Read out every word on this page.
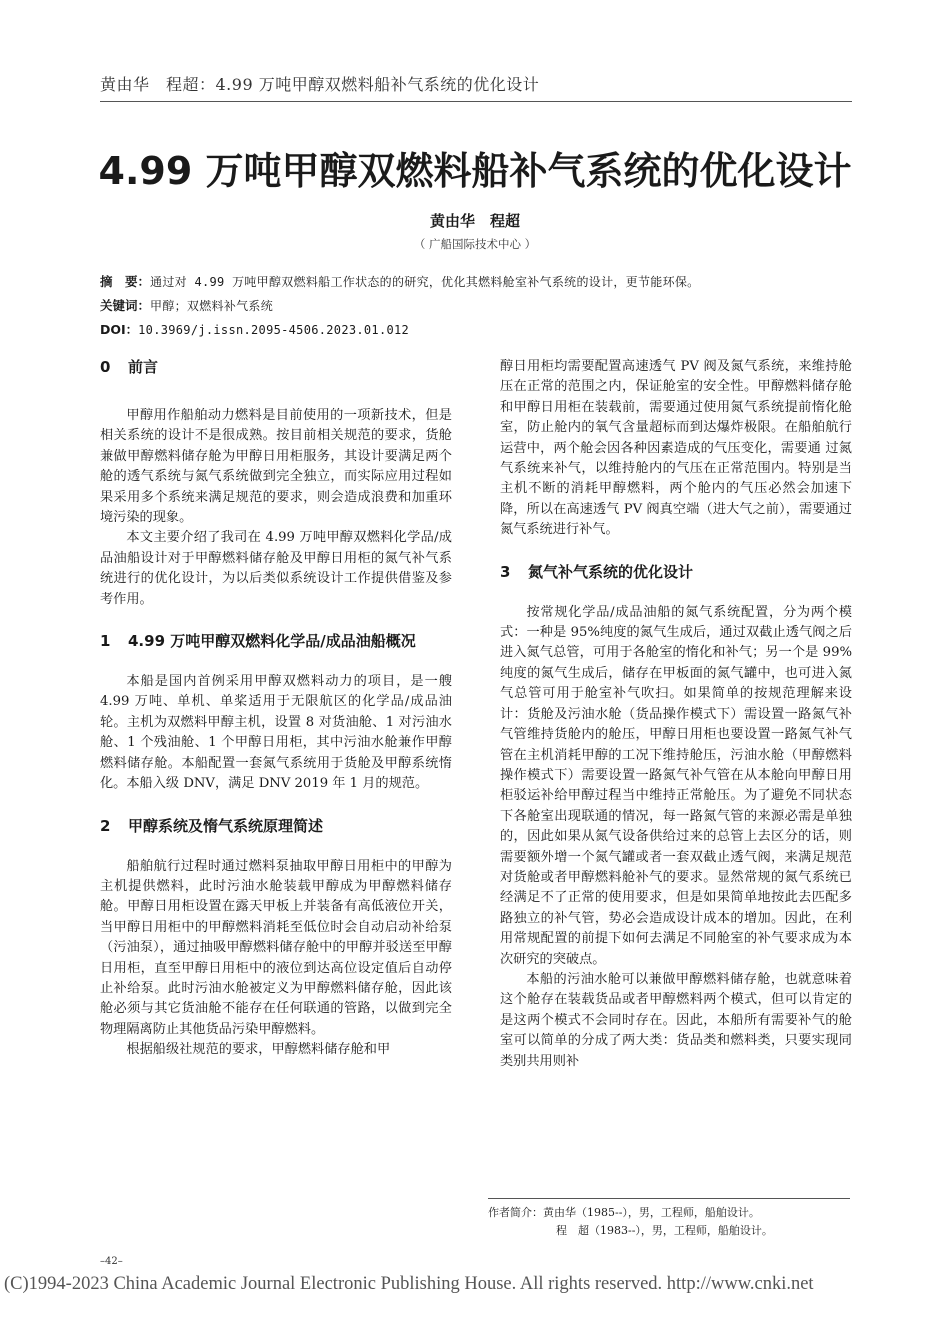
黄由华　程超：4.99 万吨甲醇双燃料船补气系统的优化设计
4.99 万吨甲醇双燃料船补气系统的优化设计
黄由华　程超
（ 广船国际技术中心 ）
摘　要：通过对 4.99 万吨甲醇双燃料船工作状态的的研究，优化其燃料舱室补气系统的设计，更节能环保。
关键词：甲醇；双燃料补气系统
DOI：10.3969/j.issn.2095-4506.2023.01.012
0 前言

甲醇用作船舶动力燃料是目前使用的一项新技术，但是相关系统的设计不是很成熟。按目前相关规范的要求，货舱兼做甲醇燃料储存舱为甲醇日用柜服务，其设计要满足两个舱的透气系统与氮气系统做到完全独立，而实际应用过程如果采用多个系统来满足规范的要求，则会造成浪费和加重环境污染的现象。

本文主要介绍了我司在 4.99 万吨甲醇双燃料化学品/成品油船设计对于甲醇燃料储存舱及甲醇日用柜的氮气补气系统进行的优化设计，为以后类似系统设计工作提供借鉴及参考作用。

1 4.99 万吨甲醇双燃料化学品/成品油船概况

本船是国内首例采用甲醇双燃料动力的项目，是一艘 4.99 万吨、单机、单桨适用于无限航区的化学品/成品油轮。主机为双燃料甲醇主机，设置 8 对货油舱、1 对污油水舱、1 个残油舱、1 个甲醇日用柜，其中污油水舱兼作甲醇燃料储存舱。本船配置一套氮气系统用于货舱及甲醇系统惰化。本船入级 DNV，满足 DNV 2019 年 1 月的规范。

2 甲醇系统及惰气系统原理简述

船舶航行过程时通过燃料泵抽取甲醇日用柜中的甲醇为主机提供燃料，此时污油水舱装载甲醇成为甲醇燃料储存舱。甲醇日用柜设置在露天甲板上并装备有高低液位开关，当甲醇日用柜中的甲醇燃料消耗至低位时会自动启动补给泵（污油泵），通过抽吸甲醇燃料储存舱中的甲醇并驳送至甲醇日用柜，直至甲醇日用柜中的液位到达高位设定值后自动停止补给泵。此时污油水舱被定义为甲醇燃料储存舱，因此该舱必须与其它货油舱不能存在任何联通的管路，以做到完全物理隔离防止其他货品污染甲醇燃料。

根据船级社规范的要求，甲醇燃料储存舱和甲

醇日用柜均需要配置高速透气 PV 阀及氮气系统，来维持舱压在正常的范围之内，保证舱室的安全性。甲醇燃料储存舱和甲醇日用柜在装载前，需要通过使用氮气系统提前惰化舱室，防止舱内的氧气含量超标而到达爆炸极限。在船舶航行运营中，两个舱会因各种因素造成的气压变化，需要通 过氮气系统来补气，以维持舱内的气压在正常范围内。特别是当主机不断的消耗甲醇燃料，两个舱内的气压必然会加速下降，所以在高速透气 PV 阀真空端（进大气之前），需要通过氮气系统进行补气。

3 氮气补气系统的优化设计

按常规化学品/成品油船的氮气系统配置，分为两个模式：一种是 95%纯度的氮气生成后，通过双截止透气阀之后进入氮气总管，可用于各舱室的惰化和补气；另一个是 99%纯度的氮气生成后，储存在甲板面的氮气罐中，也可进入氮气总管可用于舱室补气吹扫。如果简单的按规范理解来设计：货舱及污油水舱（货品操作模式下）需设置一路氮气补气管维持货舱内的舱压，甲醇日用柜也要设置一路氮气补气管在主机消耗甲醇的工况下维持舱压，污油水舱（甲醇燃料操作模式下）需要设置一路氮气补气管在从本舱向甲醇日用柜驳运补给甲醇过程当中维持正常舱压。为了避免不同状态下各舱室出现联通的情况，每一路氮气管的来源必需是单独的，因此如果从氮气设备供给过来的总管上去区分的话，则需要额外增一个氮气罐或者一套双截止透气阀，来满足规范对货舱或者甲醇燃料舱补气的要求。显然常规的氮气系统已经满足不了正常的使用要求，但是如果简单地按此去匹配多路独立的补气管，势必会造成设计成本的增加。因此，在利用常规配置的前提下如何去满足不同舱室的补气要求成为本次研究的突破点。

本船的污油水舱可以兼做甲醇燃料储存舱，也就意味着这个舱存在装载货品或者甲醇燃料两个模式，但可以肯定的是这两个模式不会同时存在。因此，本船所有需要补气的舱室可以简单的分成了两大类：货品类和燃料类，只要实现同类别共用则补

作者简介：黄由华（1985--），男，工程师，船舶设计。
程　超（1983--），男，工程师，船舶设计。
–42–
(C)1994-2023 China Academic Journal Electronic Publishing House. All rights reserved. http://www.cnki.net
